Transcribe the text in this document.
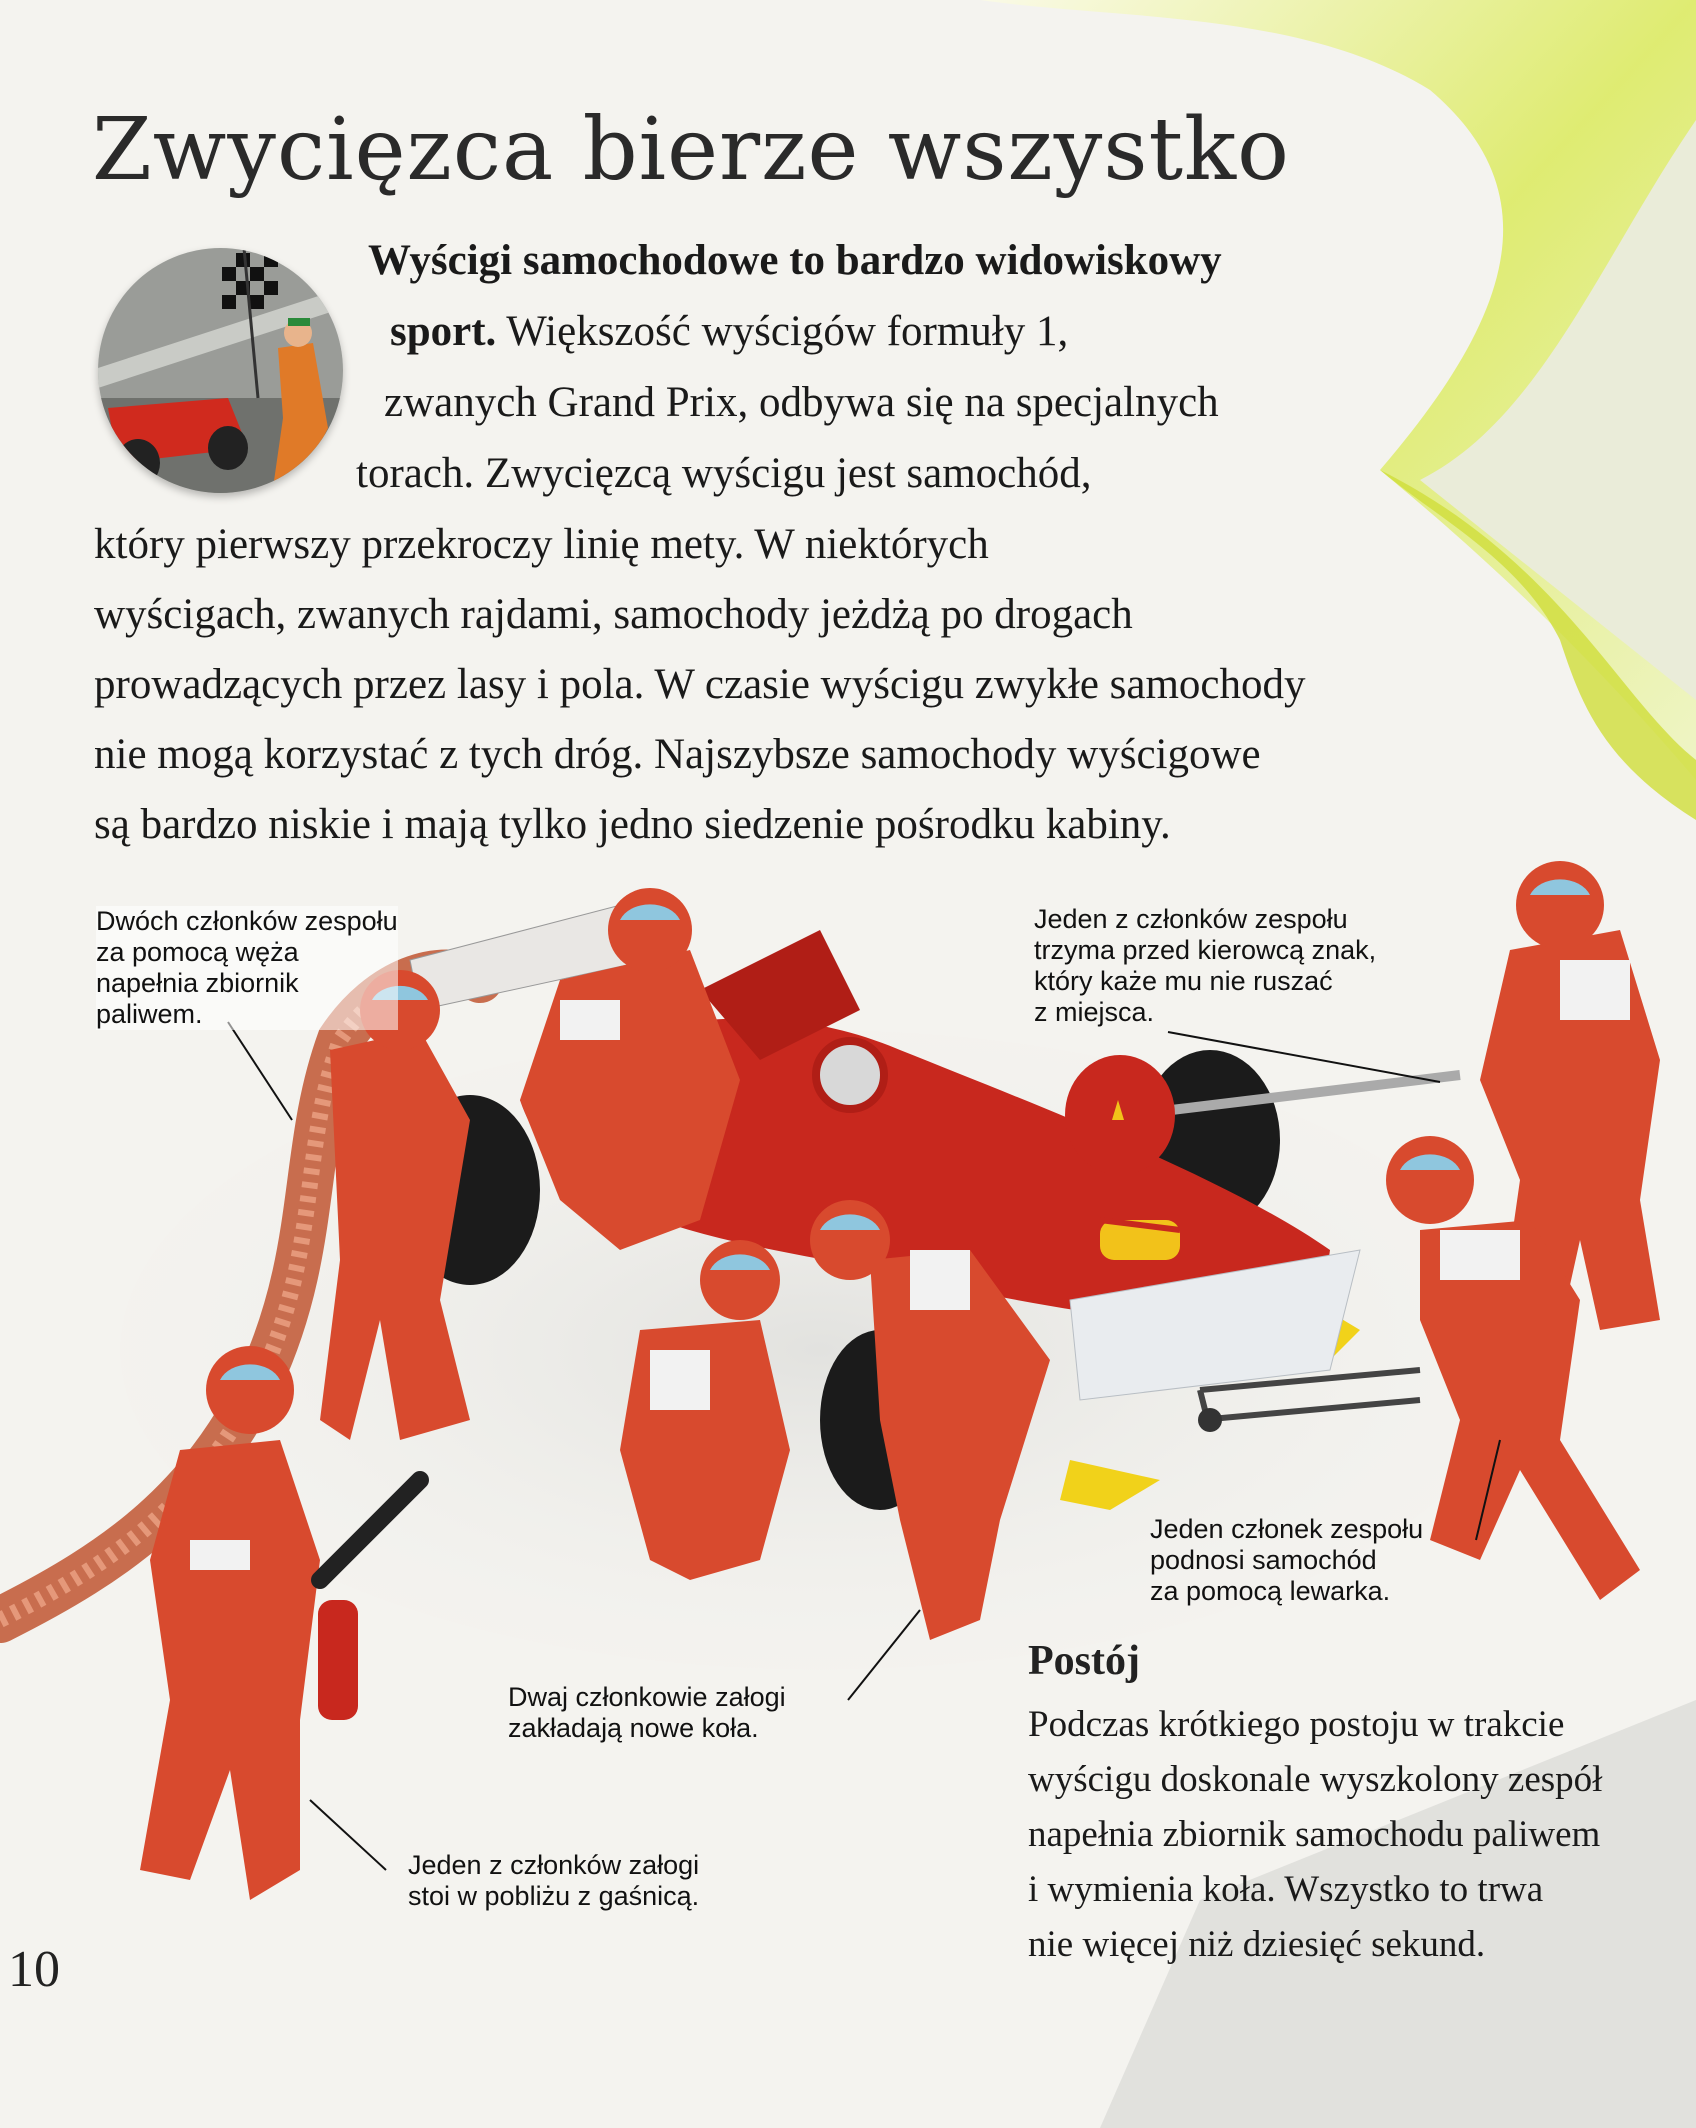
Zwycięzca bierze wszystko
Wyścigi samochodowe to bardzo widowiskowy
sport. Większość wyścigów formuły 1,
zwanych Grand Prix, odbywa się na specjalnych
torach. Zwycięzcą wyścigu jest samochód,
który pierwszy przekroczy linię mety. W niektórych
wyścigach, zwanych rajdami, samochody jeżdżą po drogach
prowadzących przez lasy i pola. W czasie wyścigu zwykłe samochody
nie mogą korzystać z tych dróg. Najszybsze samochody wyścigowe
są bardzo niskie i mają tylko jedno siedzenie pośrodku kabiny.
Dwóch członków zespołu
za pomocą węża
napełnia zbiornik
paliwem.
Jeden z członków zespołu
trzyma przed kierowcą znak,
który każe mu nie ruszać
z miejsca.
Jeden członek zespołu
podnosi samochód
za pomocą lewarka.
Dwaj członkowie załogi
zakładają nowe koła.
Jeden z członków załogi
stoi w pobliżu z gaśnicą.
Postój
Podczas krótkiego postoju w trakcie
wyścigu doskonale wyszkolony zespół
napełnia zbiornik samochodu paliwem
i wymienia koła. Wszystko to trwa
nie więcej niż dziesięć sekund.
10
